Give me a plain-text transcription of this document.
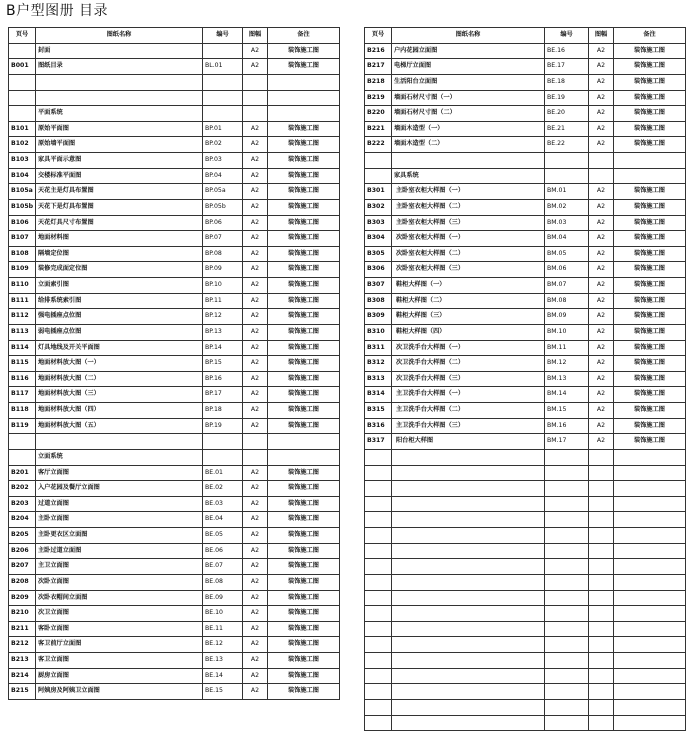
B户型图册 目录
页号	图纸名称	编号	图幅	备注
	封面		A2	装饰施工图
B001	图纸目录	BL.01	A2	装饰施工图

	平面系统			
B101	原始平面图	BP.01	A2	装饰施工图
B102	原始墙平面图	BP.02	A2	装饰施工图
B103	家具平面示意图	BP.03	A2	装饰施工图
B104	交楼标准平面图	BP.04	A2	装饰施工图
B105a	天花主是灯具布置图	BP.05a	A2	装饰施工图
B105b	天花下是灯具布置图	BP.05b	A2	装饰施工图
B106	天花灯具尺寸布置图	BP.06	A2	装饰施工图
B107	地面材料图	BP.07	A2	装饰施工图
B108	隔墙定位图	BP.08	A2	装饰施工图
B109	装修完成面定位图	BP.09	A2	装饰施工图
B110	立面索引图	BP.10	A2	装饰施工图
B111	给排系统索引图	BP.11	A2	装饰施工图
B112	强电插座点位图	BP.12	A2	装饰施工图
B113	弱电插座点位图	BP.13	A2	装饰施工图
B114	灯具地线及开关平面图	BP.14	A2	装饰施工图
B115	地面材料放大图（一）	BP.15	A2	装饰施工图
B116	地面材料放大图（二）	BP.16	A2	装饰施工图
B117	地面材料放大图（三）	BP.17	A2	装饰施工图
B118	地面材料放大图（四）	BP.18	A2	装饰施工图
B119	地面材料放大图（五）	BP.19	A2	装饰施工图

	立面系统			
B201	客厅立面图	BE.01	A2	装饰施工图
B202	入户花园及餐厅立面图	BE.02	A2	装饰施工图
B203	过道立面图	BE.03	A2	装饰施工图
B204	主卧立面图	BE.04	A2	装饰施工图
B205	主卧更衣区立面图	BE.05	A2	装饰施工图
B206	主卧过道立面图	BE.06	A2	装饰施工图
B207	主卫立面图	BE.07	A2	装饰施工图
B208	次卧立面图	BE.08	A2	装饰施工图
B209	次卧衣帽间立面图	BE.09	A2	装饰施工图
B210	次卫立面图	BE.10	A2	装饰施工图
B211	客卧立面图	BE.11	A2	装饰施工图
B212	客卫前厅立面图	BE.12	A2	装饰施工图
B213	客卫立面图	BE.13	A2	装饰施工图
B214	厨房立面图	BE.14	A2	装饰施工图
B215	阿姨房及阿姨卫立面图	BE.15	A2	装饰施工图
页号	图纸名称	编号	图幅	备注
B216	户内花园立面图	BE.16	A2	装饰施工图
B217	电梯厅立面图	BE.17	A2	装饰施工图
B218	生活阳台立面图	BE.18	A2	装饰施工图
B219	墙面石材尺寸图（一）	BE.19	A2	装饰施工图
B220	墙面石材尺寸图（二）	BE.20	A2	装饰施工图
B221	墙面木造型（一）	BE.21	A2	装饰施工图
B222	墙面木造型（二）	BE.22	A2	装饰施工图

	家具系统			
B301	主卧室衣柜大样图（一）	BM.01	A2	装饰施工图
B302	主卧室衣柜大样图（二）	BM.02	A2	装饰施工图
B303	主卧室衣柜大样图（三）	BM.03	A2	装饰施工图
B304	次卧室衣柜大样图（一）	BM.04	A2	装饰施工图
B305	次卧室衣柜大样图（二）	BM.05	A2	装饰施工图
B306	次卧室衣柜大样图（三）	BM.06	A2	装饰施工图
B307	鞋柜大样图（一）	BM.07	A2	装饰施工图
B308	鞋柜大样图（二）	BM.08	A2	装饰施工图
B309	鞋柜大样图（三）	BM.09	A2	装饰施工图
B310	鞋柜大样图（四）	BM.10	A2	装饰施工图
B311	次卫洗手台大样图（一）	BM.11	A2	装饰施工图
B312	次卫洗手台大样图（二）	BM.12	A2	装饰施工图
B313	次卫洗手台大样图（三）	BM.13	A2	装饰施工图
B314	主卫洗手台大样图（一）	BM.14	A2	装饰施工图
B315	主卫洗手台大样图（二）	BM.15	A2	装饰施工图
B316	主卫洗手台大样图（三）	BM.16	A2	装饰施工图
B317	阳台柜大样图	BM.17	A2	装饰施工图
